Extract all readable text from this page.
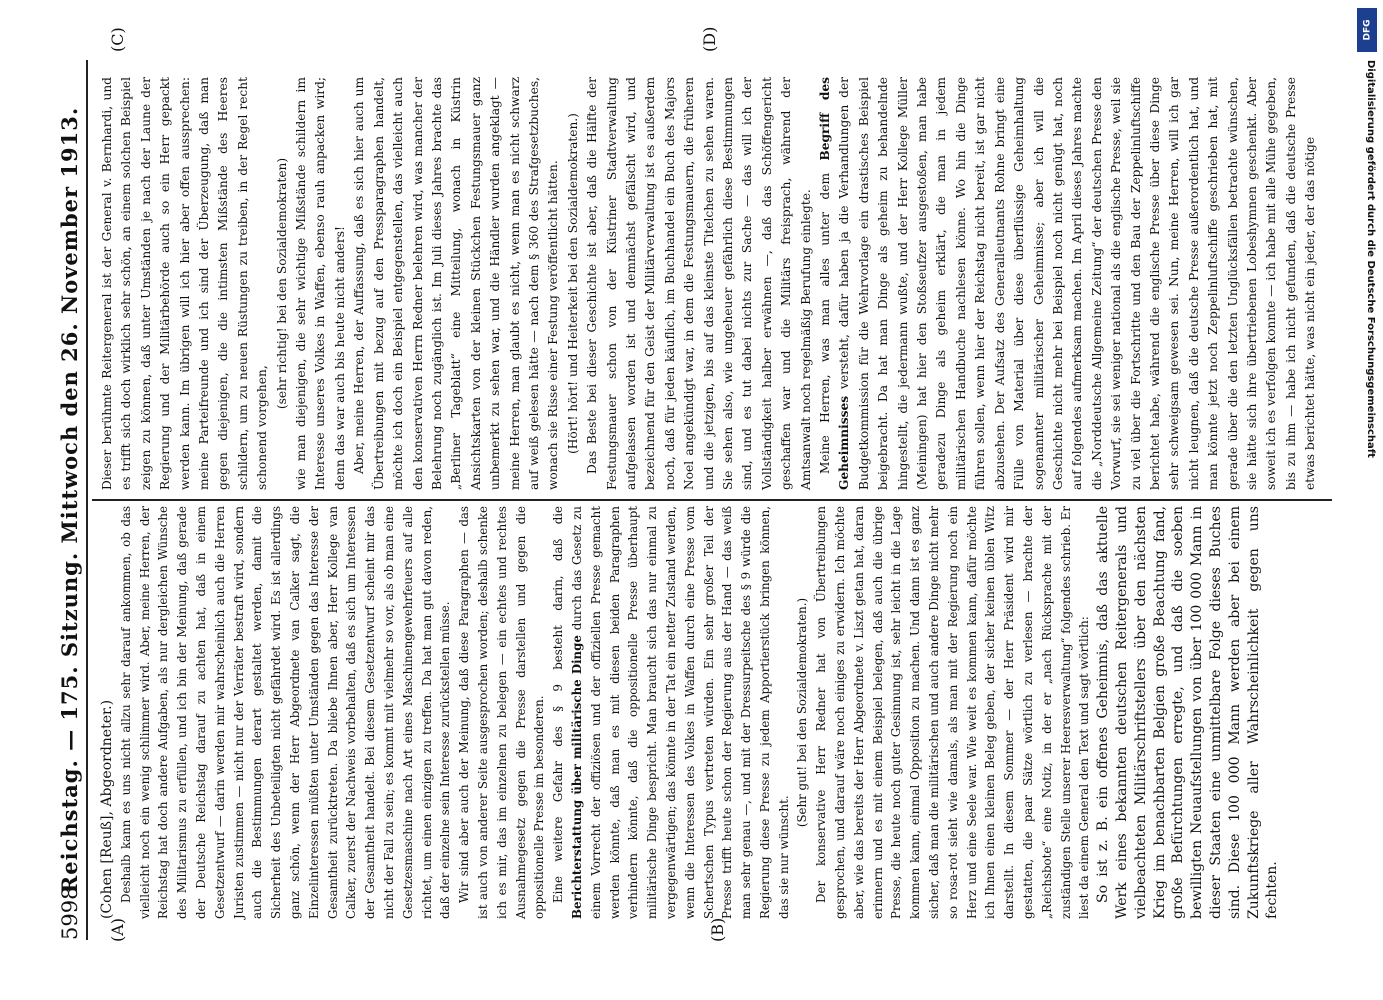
5998
Reichstag. — 175. Sitzung. Mittwoch den 26. November 1913.
(A)	(B)
(C)	(D)

(Cohen [Reuß], Abgeordneter.) Deshalb kann es uns nicht allzu sehr darauf ankommen, ob das vielleicht noch ein wenig schlimmer wird. Aber, meine Herren, der Reichstag hat doch andere Aufgaben, als nur dergleichen Wünsche des Militarismus zu erfüllen, und ich bin der Meinung, daß gerade der Deutsche Reichstag darauf zu achten hat, daß in einem Gesetzentwurf — darin werden mir wahrscheinlich auch die Herren Juristen zustimmen — nicht nur der Verräter bestraft wird, sondern auch die Bestimmungen derart gestaltet werden, damit die Sicherheit des Unbeteiligten nicht gefährdet wird. Es ist allerdings ganz schön, wenn der Herr Abgeordnete van Calker sagt, die Einzelinteressen müßten unter Umständen gegen das Interesse der Gesamtheit zurücktreten. Da bliebe Ihnen aber, Herr Kollege van Calker, zuerst der Nachweis vorbehalten, daß es sich um Interessen der Gesamtheit handelt. Bei diesem Gesetzentwurf scheint mir das nicht der Fall zu sein; es kommt mit vielmehr so vor, als ob man eine Gesetzesmaschine nach Art eines Maschinengewehrfeuers auf alle richtet, um einen einzigen zu treffen. Da hat man gut davon reden, daß der einzelne sein Interesse zurückstellen müsse. Wir sind aber auch der Meinung, daß diese Paragraphen — das ist auch von anderer Seite ausgesprochen worden; deshalb schenke ich es mir, das im einzelnen zu belegen — ein echtes und rechtes Ausnahmegesetz gegen die Presse darstellen und gegen die oppositionelle Presse im besonderen. Eine weitere Gefahr des § 9 besteht darin, daß die Berichterstattung über militärische Dinge durch das Gesetz zu einem Vorrecht der offiziösen und der offiziellen Presse gemacht werden könnte, daß man es mit diesen beiden Paragraphen verhindern könnte, daß die oppositionelle Presse überhaupt militärische Dinge bespricht. Man braucht sich das nur einmal zu vergegenwärtigen; das könnte in der Tat ein netter Zustand werden, wenn die Interessen des Volkes in Waffen durch eine Presse vom Schertschen Typus vertreten würden. Ein sehr großer Teil der Presse trifft heute schon der Regierung aus der Hand — das weiß man sehr genau —, und mit der Dressurpeitsche des § 9 würde die Regierung diese Presse zu jedem Apportierstück bringen können, das sie nur wünscht.

(Sehr gut! bei den Sozialdemokraten.) Der konservative Herr Redner hat von Übertreibungen gesprochen, und darauf wäre noch einiges zu erwidern. Ich möchte aber, wie das bereits der Herr Abgeordnete v. Liszt getan hat, daran erinnern und es mit einem Beispiel belegen, daß auch die übrige Presse, die heute noch guter Gesinnung ist, sehr leicht in die Lage kommen kann, einmal Opposition zu machen. Und dann ist es ganz sicher, daß man die militärischen und auch andere Dinge nicht mehr so rosa-rot sieht wie damals, als man mit der Regierung noch ein Herz und eine Seele war. Wie weit es kommen kann, dafür möchte ich Ihnen einen kleinen Beleg geben, der sicher keinen üblen Witz darstellt. In diesem Sommer — der Herr Präsident wird mir gestatten, die paar Sätze wörtlich zu verlesen — brachte der „Reichsbote“ eine Notiz, in der er „nach Rücksprache mit der zuständigen Stelle unserer Heeresverwaltung“ folgendes schrieb. Er liest da einem General den Text und sagt wörtlich: So ist z. B. ein offenes Geheimnis, daß das aktuelle Werk eines bekannten deutschen Reitergenerals und vielbeachteten Militärschriftstellers über den nächsten Krieg im benachbarten Belgien große Beachtung fand, große Befürchtungen erregte, und daß die soeben bewilligten Neuaufstellungen von über 100 000 Mann in dieser Staaten eine unmittelbare Folge dieses Buches sind. Diese 100 000 Mann werden aber bei einem Zukunftskriege aller Wahrscheinlichkeit gegen uns fechten.

Dieser berühmte Reitergeneral ist der General v. Bernhardi, und es trifft sich doch wirklich sehr schön, an einem solchen Beispiel zeigen zu können, daß unter Umständen je nach der Laune der Regierung und der Militärbehörde auch so ein Herr gepackt werden kann. Im übrigen will ich hier aber offen aussprechen: meine Parteifreunde und ich sind der Überzeugung, daß man gegen diejenigen, die die intimsten Mißstände des Heeres schildern, um zu neuen Rüstungen zu treiben, in der Regel recht schonend vorgehen,

(sehr richtig! bei den Sozialdemokraten) wie man diejenigen, die sehr wichtige Mißstände schildern im Interesse unseres Volkes in Waffen, ebenso rauh anpacken wird; denn das war auch bis heute nicht anders! Aber, meine Herren, der Auffassung, daß es sich hier auch um Übertreibungen mit bezug auf den Pressparagraphen handelt, möchte ich doch ein Beispiel entgegenstellen, das vielleicht auch den konservativen Herrn Redner belehren wird, was mancher der Belehrung noch zugänglich ist. Im Juli dieses Jahres brachte das „Berliner Tageblatt“ eine Mitteilung, wonach in Küstrin Ansichtskarten von der kleinen Stückchen Festungsmauer ganz unbemerkt zu sehen war, und die Händler wurden angeklagt — meine Herren, man glaubt es nicht, wenn man es nicht schwarz auf weiß gelesen hätte — nach dem § 360 des Strafgesetzbuches, wonach sie Risse einer Festung veröffentlicht hätten. (Hört! hört! und Heiterkeit bei den Sozialdemokraten.) Das Beste bei dieser Geschichte ist aber, daß die Hälfte der Festungsmauer schon von der Küstriner Stadtverwaltung aufgelassen worden ist und demnächst gefälscht wird, und bezeichnend für den Geist der Militärverwaltung ist es außerdem noch, daß für jeden käuflich, im Buchhandel ein Buch des Majors Noel angekündigt war, in dem die Festungsmauern, die früheren und die jetzigen, bis auf das kleinste Titelchen zu sehen waren. Sie sehen also, wie ungeheuer gefährlich diese Bestimmungen sind, und es tut dabei nichts zur Sache — das will ich der Vollständigkeit halber erwähnen —, daß das Schöffengericht geschaffen war und die Militärs freisprach, während der Amtsanwalt noch regelmäßig Berufung einlegte. Meine Herren, was man alles unter dem Begriff des Geheimnisses versteht, dafür haben ja die Verhandlungen der Budgetkommission für die Wehrvorlage ein drastisches Beispiel beigebracht. Da hat man Dinge als geheim zu behandelnde hingestellt, die jedermann wußte, und der Herr Kollege Müller (Meiningen) hat hier den Stoßseufzer ausgestoßen, man habe geradezu Dinge als geheim erklärt, die man in jedem militärischen Handbuche nachlesen könne. Wo hin die Dinge führen sollen, wenn hier der Reichstag nicht bereit, ist gar nicht abzusehen. Der Aufsatz des Generalleutnants Rohne bringt eine Fülle von Material über diese überflüssige Geheimhaltung sogenannter militärischer Geheimnisse; aber ich will die Geschichte nicht mehr bei Beispiel noch nicht genügt hat, noch auf folgendes aufmerksam machen. Im April dieses Jahres machte die „Norddeutsche Allgemeine Zeitung“ der deutschen Presse den Vorwurf, sie sei weniger national als die englische Presse, weil sie zu viel über die Fortschritte und den Bau der Zeppelinluftschiffe berichtet habe, während die englische Presse über diese Dinge sehr schweigsam gewesen sei. Nun, meine Herren, will ich gar nicht leugnen, daß die deutsche Presse außerordentlich hat, und man könnte jetzt noch Zeppelinluftschiffe geschrieben hat, mit gerade über die den letzten Unglücksfällen betrachte wünschen, sie hätte sich ihre übertriebenen Lobeshymnen geschenkt. Aber soweit ich es verfolgen konnte — ich habe mit alle Mühe gegeben, bis zu ihm — habe ich nicht gefunden, daß die deutsche Presse etwas berichtet hätte, was nicht ein jeder, der das nötige

DFG
Digitalisierung gefördert durch die Deutsche Forschungsgemeinschaft
